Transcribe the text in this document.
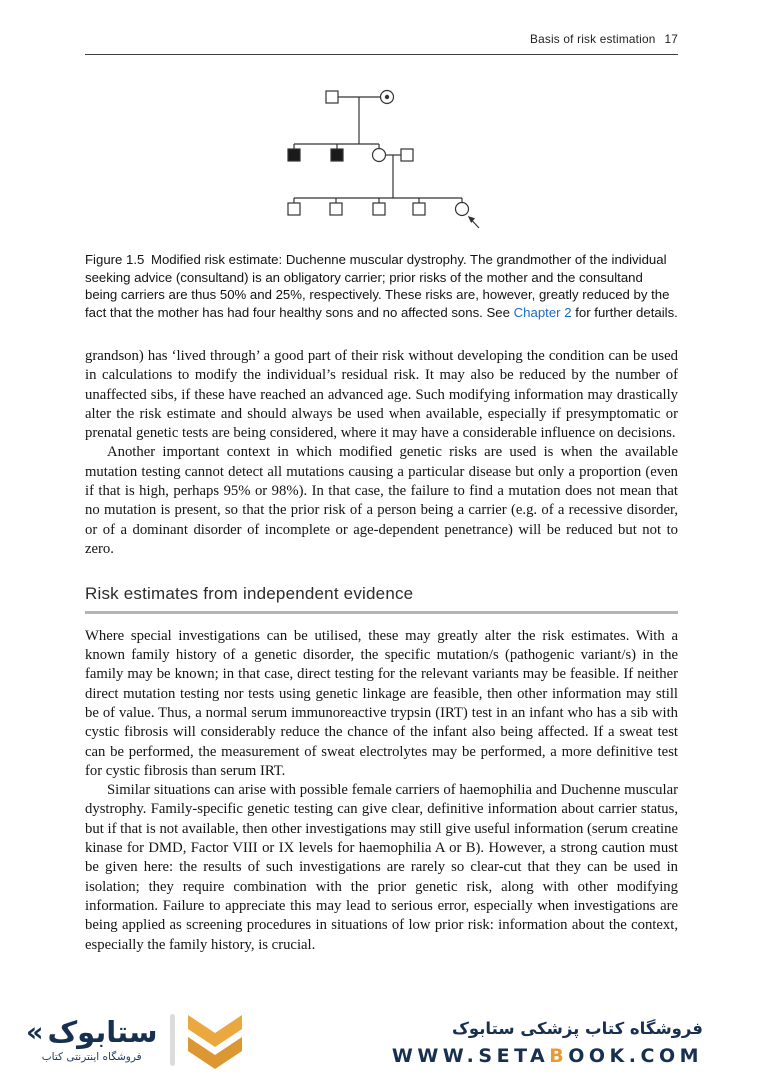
Basis of risk estimation 17

Figure 1.5 Modified risk estimate: Duchenne muscular dystrophy. The grandmother of the individual seeking advice (consultand) is an obligatory carrier; prior risks of the mother and the consultand being carriers are thus 50% and 25%, respectively. These risks are, however, greatly reduced by the fact that the mother has had four healthy sons and no affected sons. See Chapter 2 for further details.

grandson) has ‘lived through’ a good part of their risk without developing the condition can be used in calculations to modify the individual’s residual risk. It may also be reduced by the number of unaffected sibs, if these have reached an advanced age. Such modifying information may drastically alter the risk estimate and should always be used when available, especially if presymptomatic or prenatal genetic tests are being considered, where it may have a considerable influence on decisions.

Another important context in which modified genetic risks are used is when the available mutation testing cannot detect all mutations causing a particular disease but only a proportion (even if that is high, perhaps 95% or 98%). In that case, the failure to find a mutation does not mean that no mutation is present, so that the prior risk of a person being a carrier (e.g. of a recessive disorder, or of a dominant disorder of incomplete or age-dependent penetrance) will be reduced but not to zero.

Risk estimates from independent evidence

Where special investigations can be utilised, these may greatly alter the risk estimates. With a known family history of a genetic disorder, the specific mutation/s (pathogenic variant/s) in the family may be known; in that case, direct testing for the relevant variants may be feasible. If neither direct mutation testing nor tests using genetic linkage are feasible, then other information may still be of value. Thus, a normal serum immunoreactive trypsin (IRT) test in an infant who has a sib with cystic fibrosis will considerably reduce the chance of the infant also being affected. If a sweat test can be performed, the measurement of sweat electrolytes may be performed, a more definitive test for cystic fibrosis than serum IRT.

Similar situations can arise with possible female carriers of haemophilia and Duchenne muscular dystrophy. Family-specific genetic testing can give clear, definitive information about carrier status, but if that is not available, then other investigations may still give useful information (serum creatine kinase for DMD, Factor VIII or IX levels for haemophilia A or B). However, a strong caution must be given here: the results of such investigations are rarely so clear-cut that they can be used in isolation; they require combination with the prior genetic risk, along with other modifying information. Failure to appreciate this may lead to serious error, especially when investigations are being applied as screening procedures in situations of low prior risk: information about the context, especially the family history, is crucial.

« ستابوک
فروشگاه اینترنتی کتاب
فروشگاه کتاب پزشکی ستابوک
WWW.SETABOOK.COM
